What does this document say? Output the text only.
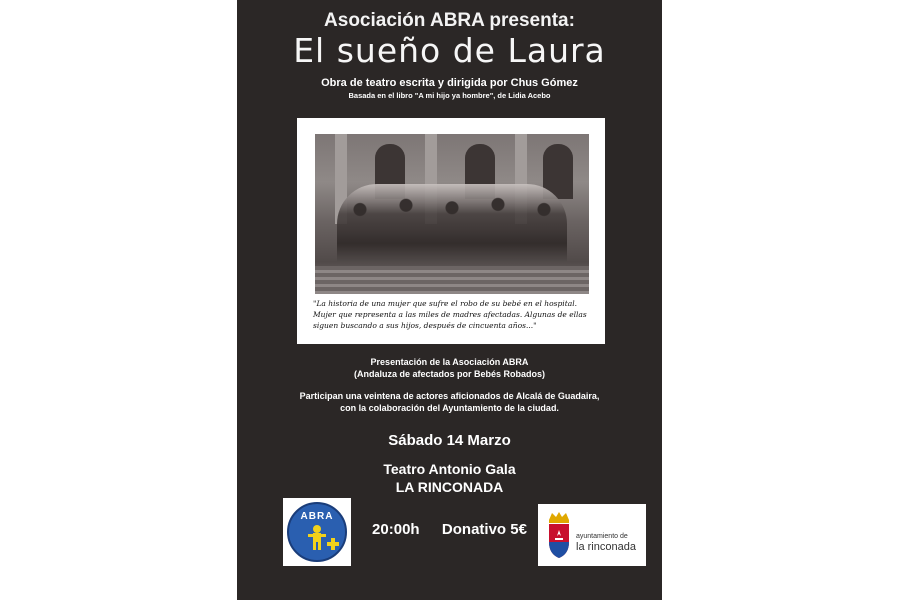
Asociación ABRA presenta:
El sueño de Laura
Obra de teatro escrita y dirigida por Chus Gómez
Basada en el libro "A mi hijo ya hombre", de Lidia Acebo
"La historia de una mujer que sufre el robo de su bebé en el hospital. Mujer que representa a las miles de madres afectadas. Algunas de ellas siguen buscando a sus hijos, después de cincuenta años..."
Presentación de la Asociación ABRA
(Andaluza de afectados por Bebés Robados)
Participan una veintena de actores aficionados de Alcalá de Guadaira,
con la colaboración del Ayuntamiento de la ciudad.
Sábado 14 Marzo
Teatro Antonio Gala
LA RINCONADA
20:00h Donativo 5€
ABRA
ayuntamiento de
la rinconada
